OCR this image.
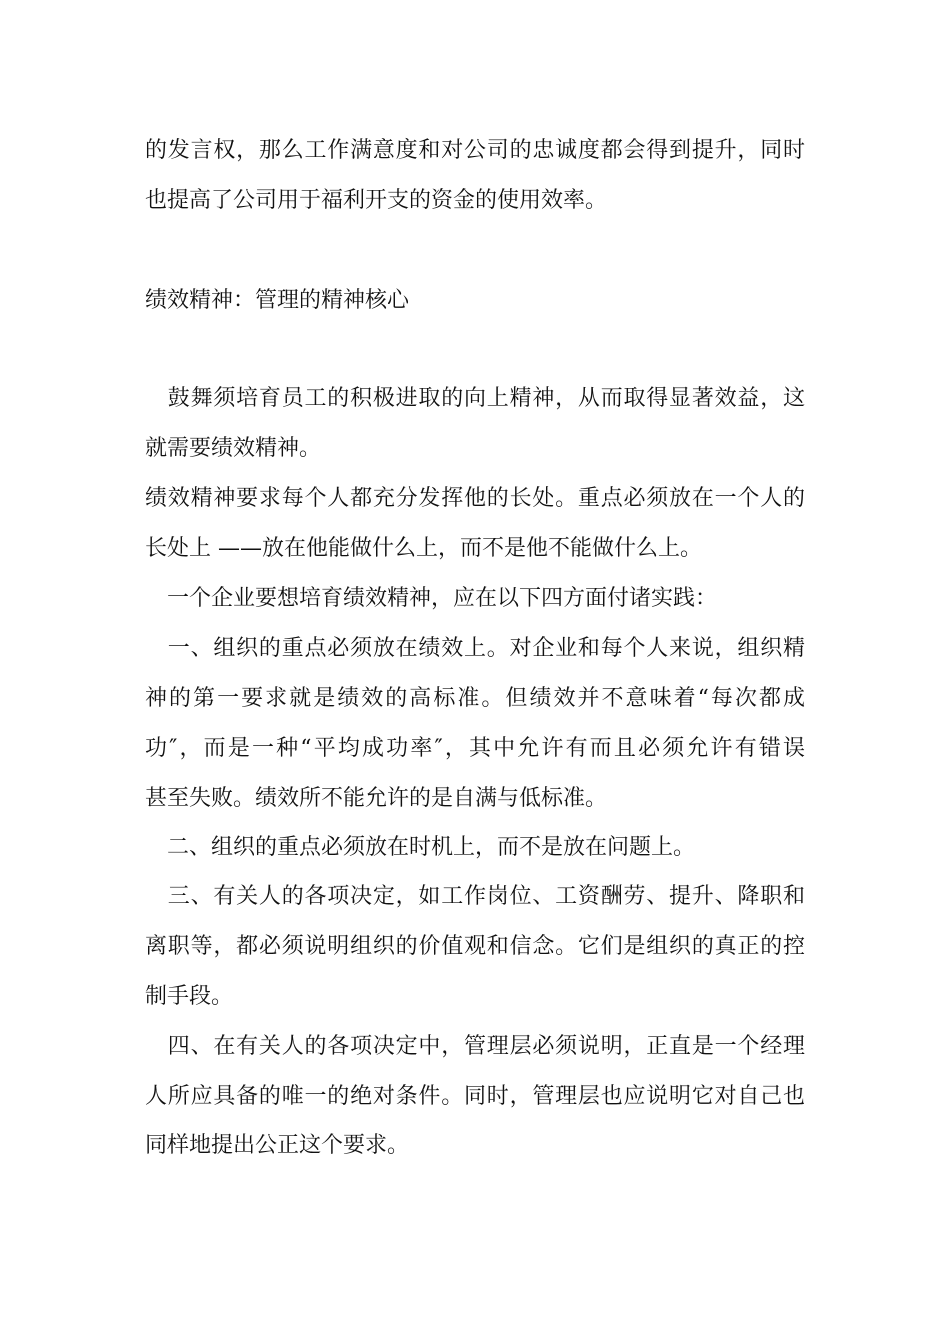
的发言权，那么工作满意度和对公司的忠诚度都会得到提升，同时
也提高了公司用于福利开支的资金的使用效率。
绩效精神：管理的精神核心
　鼓舞须培育员工的积极进取的向上精神，从而取得显著效益，这
就需要绩效精神。
绩效精神要求每个人都充分发挥他的长处。重点必须放在一个人的
长处上 ——放在他能做什么上，而不是他不能做什么上。
　一个企业要想培育绩效精神，应在以下四方面付诸实践：
　一、组织的重点必须放在绩效上。对企业和每个人来说，组织精
神的第一要求就是绩效的高标准。但绩效并不意味着“每次都成
功″，而是一种“平均成功率″，其中允许有而且必须允许有错误
甚至失败。绩效所不能允许的是自满与低标准。
　二、组织的重点必须放在时机上，而不是放在问题上。
　三、有关人的各项决定，如工作岗位、工资酬劳、提升、降职和
离职等，都必须说明组织的价值观和信念。它们是组织的真正的控
制手段。
　四、在有关人的各项决定中，管理层必须说明，正直是一个经理
人所应具备的唯一的绝对条件。同时，管理层也应说明它对自己也
同样地提出公正这个要求。
